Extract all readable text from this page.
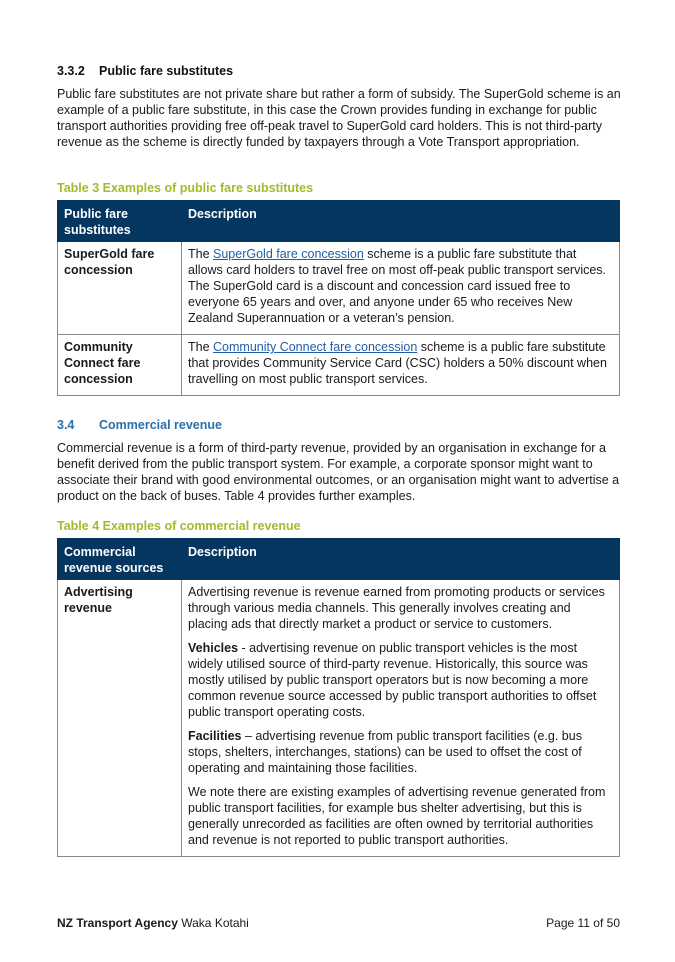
3.3.2 Public fare substitutes

Public fare substitutes are not private share but rather a form of subsidy. The SuperGold scheme is an example of a public fare substitute, in this case the Crown provides funding in exchange for public transport authorities providing free off-peak travel to SuperGold card holders. This is not third-party revenue as the scheme is directly funded by taxpayers through a Vote Transport appropriation.

Table 3 Examples of public fare substitutes
Public fare substitutes	Description
SuperGold fare concession	The SuperGold fare concession scheme is a public fare substitute that allows card holders to travel free on most off-peak public transport services. The SuperGold card is a discount and concession card issued free to everyone 65 years and over, and anyone under 65 who receives New Zealand Superannuation or a veteran’s pension.
Community Connect fare concession	The Community Connect fare concession scheme is a public fare substitute that provides Community Service Card (CSC) holders a 50% discount when travelling on most public transport services.
3.4 Commercial revenue

Commercial revenue is a form of third-party revenue, provided by an organisation in exchange for a benefit derived from the public transport system. For example, a corporate sponsor might want to associate their brand with good environmental outcomes, or an organisation might want to advertise a product on the back of buses. Table 4 provides further examples.

Table 4 Examples of commercial revenue
Commercial revenue sources	Description
Advertising revenue	Advertising revenue is revenue earned from promoting products or services through various media channels. This generally involves creating and placing ads that directly market a product or service to customers.

Vehicles - advertising revenue on public transport vehicles is the most widely utilised source of third-party revenue. Historically, this source was mostly utilised by public transport operators but is now becoming a more common revenue source accessed by public transport authorities to offset public transport operating costs.

Facilities – advertising revenue from public transport facilities (e.g. bus stops, shelters, interchanges, stations) can be used to offset the cost of operating and maintaining those facilities.

We note there are existing examples of advertising revenue generated from public transport facilities, for example bus shelter advertising, but this is generally unrecorded as facilities are often owned by territorial authorities and revenue is not reported to public transport authorities.

NZ Transport Agency Waka Kotahi	Page 11 of 50
